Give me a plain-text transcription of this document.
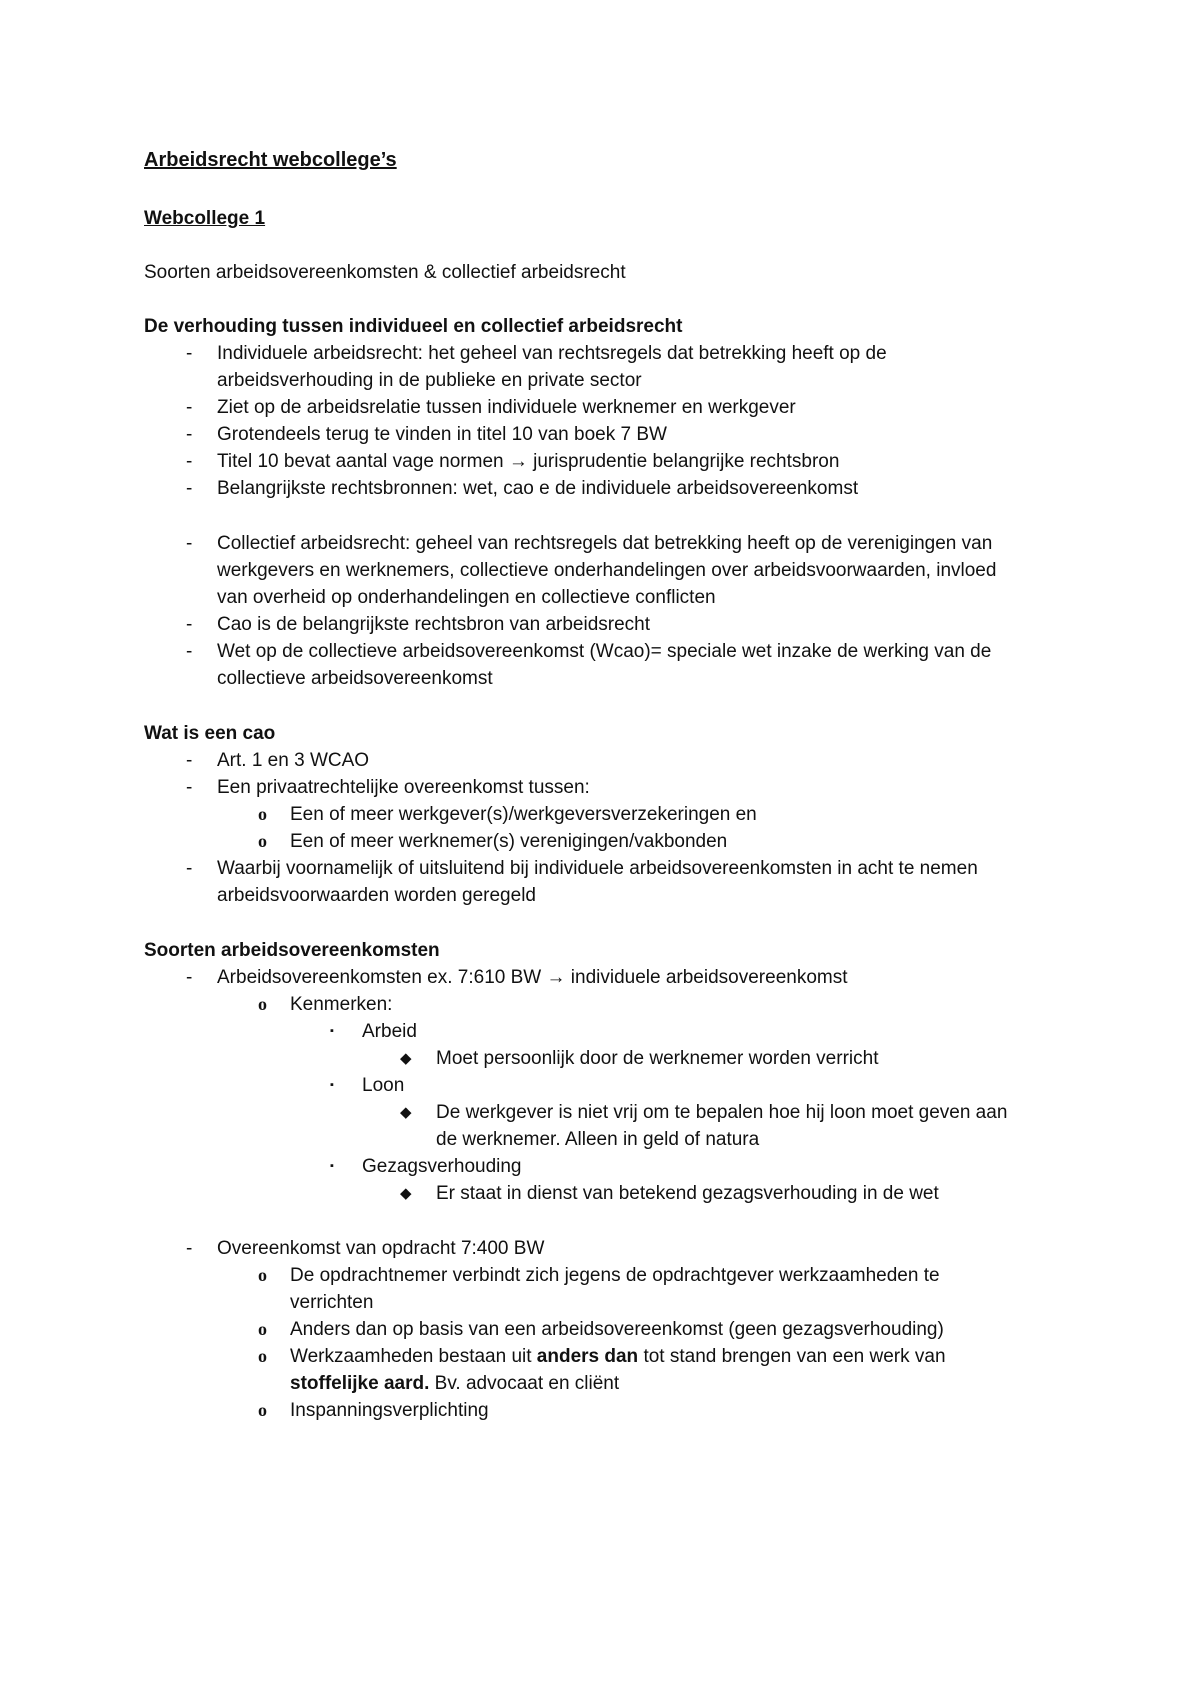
Arbeidsrecht webcollege’s
Webcollege 1
Soorten arbeidsovereenkomsten & collectief arbeidsrecht
De verhouding tussen individueel en collectief arbeidsrecht
- Individuele arbeidsrecht: het geheel van rechtsregels dat betrekking heeft op de
arbeidsverhouding in de publieke en private sector
- Ziet op de arbeidsrelatie tussen individuele werknemer en werkgever
- Grotendeels terug te vinden in titel 10 van boek 7 BW
- Titel 10 bevat aantal vage normen → jurisprudentie belangrijke rechtsbron
- Belangrijkste rechtsbronnen: wet, cao e de individuele arbeidsovereenkomst
- Collectief arbeidsrecht: geheel van rechtsregels dat betrekking heeft op de verenigingen van
werkgevers en werknemers, collectieve onderhandelingen over arbeidsvoorwaarden, invloed
van overheid op onderhandelingen en collectieve conflicten
- Cao is de belangrijkste rechtsbron van arbeidsrecht
- Wet op de collectieve arbeidsovereenkomst (Wcao)= speciale wet inzake de werking van de
collectieve arbeidsovereenkomst
Wat is een cao
- Art. 1 en 3 WCAO
- Een privaatrechtelijke overeenkomst tussen:
o Een of meer werkgever(s)/werkgeversverzekeringen en
o Een of meer werknemer(s) verenigingen/vakbonden
- Waarbij voornamelijk of uitsluitend bij individuele arbeidsovereenkomsten in acht te nemen
arbeidsvoorwaarden worden geregeld
Soorten arbeidsovereenkomsten
- Arbeidsovereenkomsten ex. 7:610 BW → individuele arbeidsovereenkomst
o Kenmerken:
▪ Arbeid
◆ Moet persoonlijk door de werknemer worden verricht
▪ Loon
◆ De werkgever is niet vrij om te bepalen hoe hij loon moet geven aan
de werknemer. Alleen in geld of natura
▪ Gezagsverhouding
◆ Er staat in dienst van betekend gezagsverhouding in de wet
- Overeenkomst van opdracht 7:400 BW
o De opdrachtnemer verbindt zich jegens de opdrachtgever werkzaamheden te
verrichten
o Anders dan op basis van een arbeidsovereenkomst (geen gezagsverhouding)
o Werkzaamheden bestaan uit anders dan tot stand brengen van een werk van
stoffelijke aard. Bv. advocaat en cliënt
o Inspanningsverplichting
